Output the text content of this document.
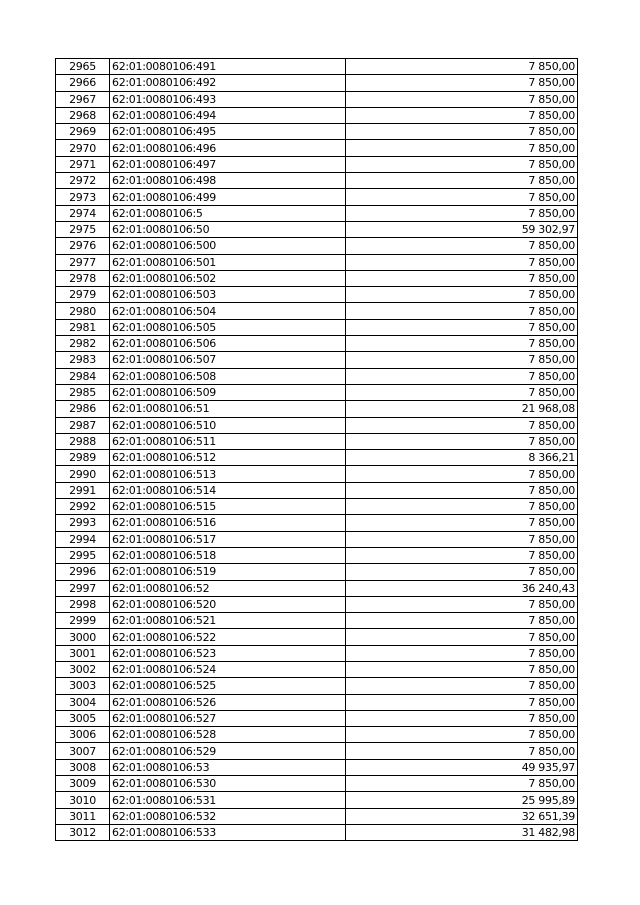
2965	62:01:0080106:491	7 850,00
2966	62:01:0080106:492	7 850,00
2967	62:01:0080106:493	7 850,00
2968	62:01:0080106:494	7 850,00
2969	62:01:0080106:495	7 850,00
2970	62:01:0080106:496	7 850,00
2971	62:01:0080106:497	7 850,00
2972	62:01:0080106:498	7 850,00
2973	62:01:0080106:499	7 850,00
2974	62:01:0080106:5	7 850,00
2975	62:01:0080106:50	59 302,97
2976	62:01:0080106:500	7 850,00
2977	62:01:0080106:501	7 850,00
2978	62:01:0080106:502	7 850,00
2979	62:01:0080106:503	7 850,00
2980	62:01:0080106:504	7 850,00
2981	62:01:0080106:505	7 850,00
2982	62:01:0080106:506	7 850,00
2983	62:01:0080106:507	7 850,00
2984	62:01:0080106:508	7 850,00
2985	62:01:0080106:509	7 850,00
2986	62:01:0080106:51	21 968,08
2987	62:01:0080106:510	7 850,00
2988	62:01:0080106:511	7 850,00
2989	62:01:0080106:512	8 366,21
2990	62:01:0080106:513	7 850,00
2991	62:01:0080106:514	7 850,00
2992	62:01:0080106:515	7 850,00
2993	62:01:0080106:516	7 850,00
2994	62:01:0080106:517	7 850,00
2995	62:01:0080106:518	7 850,00
2996	62:01:0080106:519	7 850,00
2997	62:01:0080106:52	36 240,43
2998	62:01:0080106:520	7 850,00
2999	62:01:0080106:521	7 850,00
3000	62:01:0080106:522	7 850,00
3001	62:01:0080106:523	7 850,00
3002	62:01:0080106:524	7 850,00
3003	62:01:0080106:525	7 850,00
3004	62:01:0080106:526	7 850,00
3005	62:01:0080106:527	7 850,00
3006	62:01:0080106:528	7 850,00
3007	62:01:0080106:529	7 850,00
3008	62:01:0080106:53	49 935,97
3009	62:01:0080106:530	7 850,00
3010	62:01:0080106:531	25 995,89
3011	62:01:0080106:532	32 651,39
3012	62:01:0080106:533	31 482,98
